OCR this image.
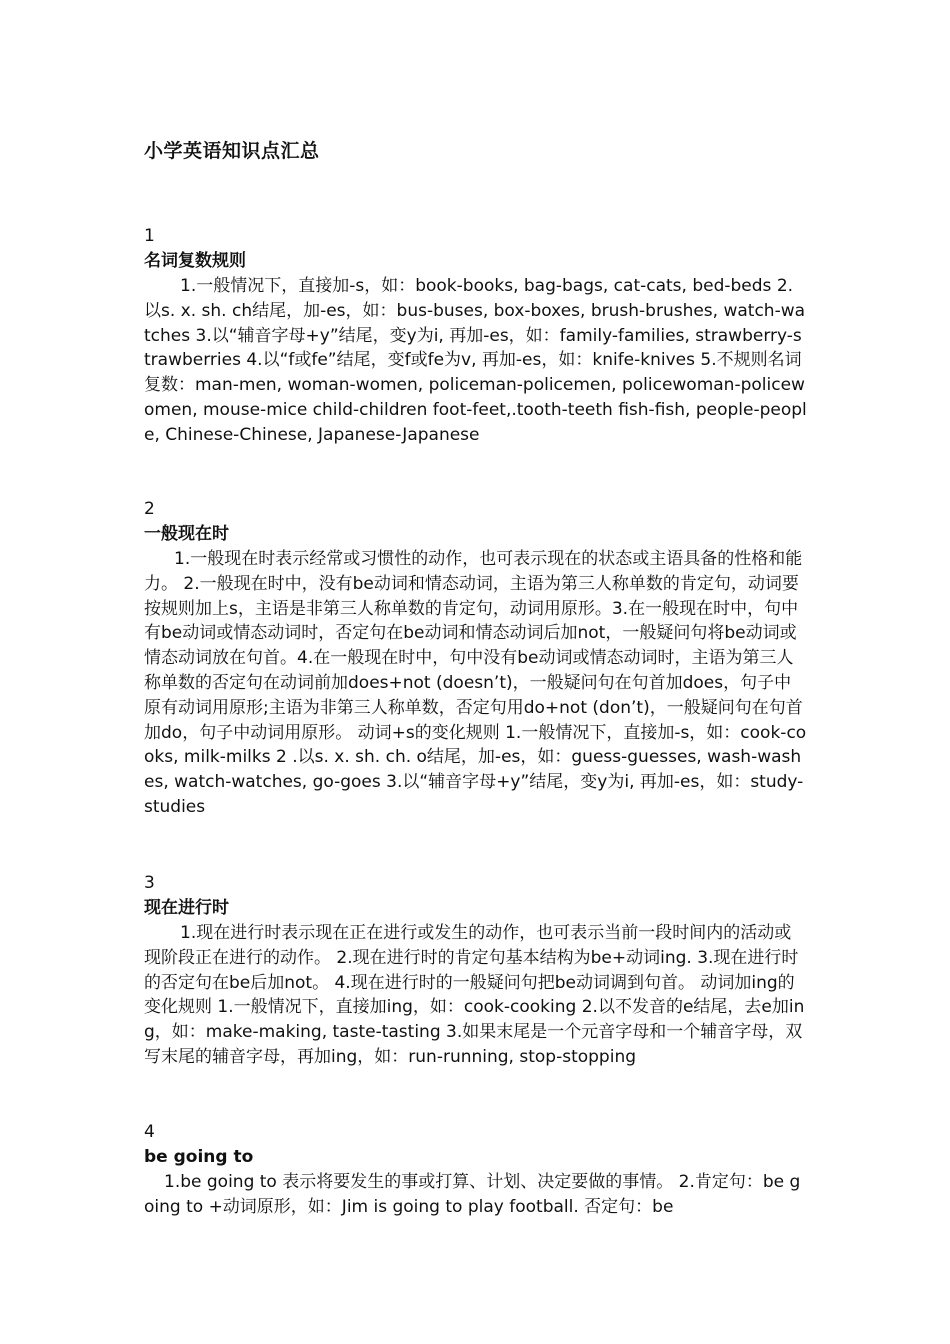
小学英语知识点汇总
1
名词复数规则

1.一般情况下，直接加-s，如：book-books, bag-bags, cat-cats, bed-beds 2.以s. x. sh. ch结尾，加-es，如：bus-buses, box-boxes, brush-brushes, watch-watches 3.以“辅音字母+y”结尾，变y为i, 再加-es，如：family-families, strawberry-strawberries 4.以“f或fe”结尾，变f或fe为v, 再加-es，如：knife-knives 5.不规则名词复数：man-men, woman-women, policeman-policemen, policewoman-policewomen, mouse-mice child-children foot-feet,.tooth-teeth fish-fish, people-people, Chinese-Chinese, Japanese-Japanese

2
一般现在时

1.一般现在时表示经常或习惯性的动作，也可表示现在的状态或主语具备的性格和能力。 2.一般现在时中，没有be动词和情态动词，主语为第三人称单数的肯定句，动词要按规则加上s，主语是非第三人称单数的肯定句，动词用原形。3.在一般现在时中，句中有be动词或情态动词时，否定句在be动词和情态动词后加not，一般疑问句将be动词或情态动词放在句首。4.在一般现在时中，句中没有be动词或情态动词时，主语为第三人称单数的否定句在动词前加does+not (doesn’t)，一般疑问句在句首加does，句子中原有动词用原形;主语为非第三人称单数，否定句用do+not (don’t)，一般疑问句在句首加do，句子中动词用原形。 动词+s的变化规则 1.一般情况下，直接加-s，如：cook-cooks, milk-milks 2 .以s. x. sh. ch. o结尾，加-es，如：guess-guesses, wash-washes, watch-watches, go-goes 3.以“辅音字母+y”结尾，变y为i, 再加-es，如：study-studies

3
现在进行时

1.现在进行时表示现在正在进行或发生的动作，也可表示当前一段时间内的活动或现阶段正在进行的动作。 2.现在进行时的肯定句基本结构为be+动词ing. 3.现在进行时的否定句在be后加not。 4.现在进行时的一般疑问句把be动词调到句首。 动词加ing的变化规则 1.一般情况下，直接加ing，如：cook-cooking 2.以不发音的e结尾，去e加ing，如：make-making, taste-tasting 3.如果末尾是一个元音字母和一个辅音字母，双写末尾的辅音字母，再加ing，如：run-running, stop-stopping

4
be going to

1.be going to 表示将要发生的事或打算、计划、决定要做的事情。 2.肯定句：be going to +动词原形，如：Jim is going to play football. 否定句：be
